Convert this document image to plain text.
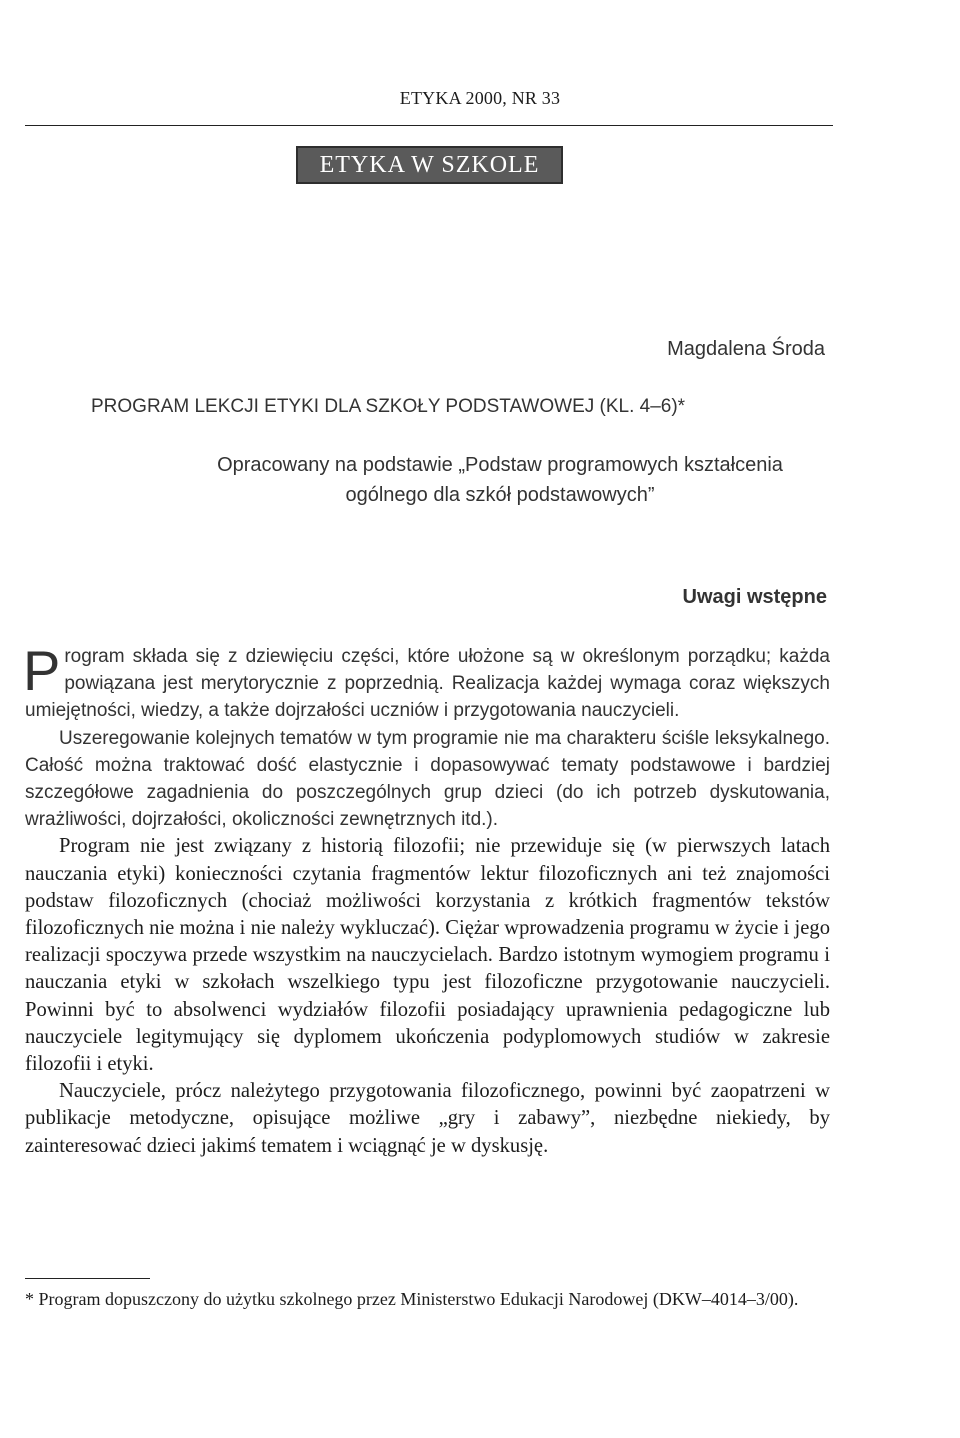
ETYKA 2000, NR 33
ETYKA W SZKOLE
Magdalena Środa
PROGRAM LEKCJI ETYKI DLA SZKOŁY PODSTAWOWEJ (KL. 4–6)*
Opracowany na podstawie „Podstaw programowych kształcenia
ogólnego dla szkół podstawowych”
Uwagi wstępne

Program składa się z dziewięciu części, które ułożone są w określonym porządku; każda powiązana jest merytorycznie z poprzednią. Realizacja każdej wymaga coraz większych umiejętności, wiedzy, a także dojrzałości uczniów i przygotowania nauczycieli.

Uszeregowanie kolejnych tematów w tym programie nie ma charakteru ściśle leksykalnego. Całość można traktować dość elastycznie i dopasowywać tematy podstawowe i bardziej szczegółowe zagadnienia do poszczególnych grup dzieci (do ich potrzeb dyskutowania, wrażliwości, dojrzałości, okoliczności zewnętrznych itd.).

Program nie jest związany z historią filozofii; nie przewiduje się (w pierwszych latach nauczania etyki) konieczności czytania fragmentów lektur filozoficznych ani też znajomości podstaw filozoficznych (chociaż możliwości korzystania z krótkich fragmentów tekstów filozoficznych nie można i nie należy wykluczać). Ciężar wprowadzenia programu w życie i jego realizacji spoczywa przede wszystkim na nauczycielach. Bardzo istotnym wymogiem programu i nauczania etyki w szkołach wszelkiego typu jest filozoficzne przygotowanie nauczycieli. Powinni być to absolwenci wydziałów filozofii posiadający uprawnienia pedagogiczne lub nauczyciele legitymujący się dyplomem ukończenia podyplomowych studiów w zakresie filozofii i etyki.

Nauczyciele, prócz należytego przygotowania filozoficznego, powinni być zaopatrzeni w publikacje metodyczne, opisujące możliwe „gry i zabawy”, niezbędne niekiedy, by zainteresować dzieci jakimś tematem i wciągnąć je w dyskusję.

* Program dopuszczony do użytku szkolnego przez Ministerstwo Edukacji Narodowej (DKW–4014–3/00).
